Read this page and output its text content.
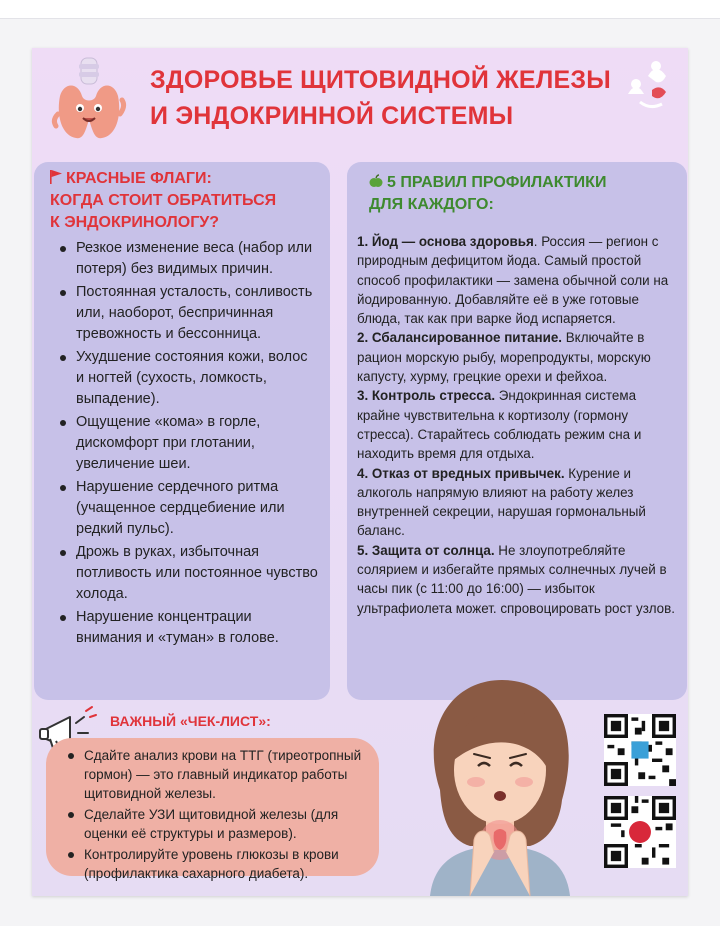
ЗДОРОВЬЕ ЩИТОВИДНОЙ ЖЕЛЕЗЫ
И ЭНДОКРИННОЙ СИСТЕМЫ
КРАСНЫЕ ФЛАГИ:
КОГДА СТОИТ ОБРАТИТЬСЯ
К ЭНДОКРИНОЛОГУ?
Резкое изменение веса (набор или потеря) без видимых причин.
Постоянная усталость, сонливость или, наоборот, беспричинная тревожность и бессонница.
Ухудшение состояния кожи, волос и ногтей (сухость, ломкость, выпадение).
Ощущение «кома» в горле, дискомфорт при глотании, увеличение шеи.
Нарушение сердечного ритма (учащенное сердцебиение или редкий пульс).
Дрожь в руках, избыточная потливость или постоянное чувство холода.
Нарушение концентрации внимания и «туман» в голове.
5 ПРАВИЛ ПРОФИЛАКТИКИ
ДЛЯ КАЖДОГО:

1. Йод — основа здоровья. Россия — регион с природным дефицитом йода. Самый простой способ профилактики — замена обычной соли на йодированную. Добавляйте её в уже готовые блюда, так как при варке йод испаряется.

2. Сбалансированное питание. Включайте в рацион морскую рыбу, морепродукты, морскую капусту, хурму, грецкие орехи и фейхоа.

3. Контроль стресса. Эндокринная система крайне чувствительна к кортизолу (гормону стресса). Старайтесь соблюдать режим сна и находить время для отдыха.

4. Отказ от вредных привычек. Курение и алкоголь напрямую влияют на работу желез внутренней секреции, нарушая гормональный баланс.

5. Защита от солнца. Не злоупотребляйте солярием и избегайте прямых солнечных лучей в часы пик (с 11:00 до 16:00) — избыток ультрафиолета может. спровоцировать рост узлов.

ВАЖНЫЙ «ЧЕК-ЛИСТ»:
Сдайте анализ крови на ТТГ (тиреотропный гормон) — это главный индикатор работы щитовидной железы.
Сделайте УЗИ щитовидной железы (для оценки её структуры и размеров).
Контролируйте уровень глюкозы в крови (профилактика сахарного диабета).
